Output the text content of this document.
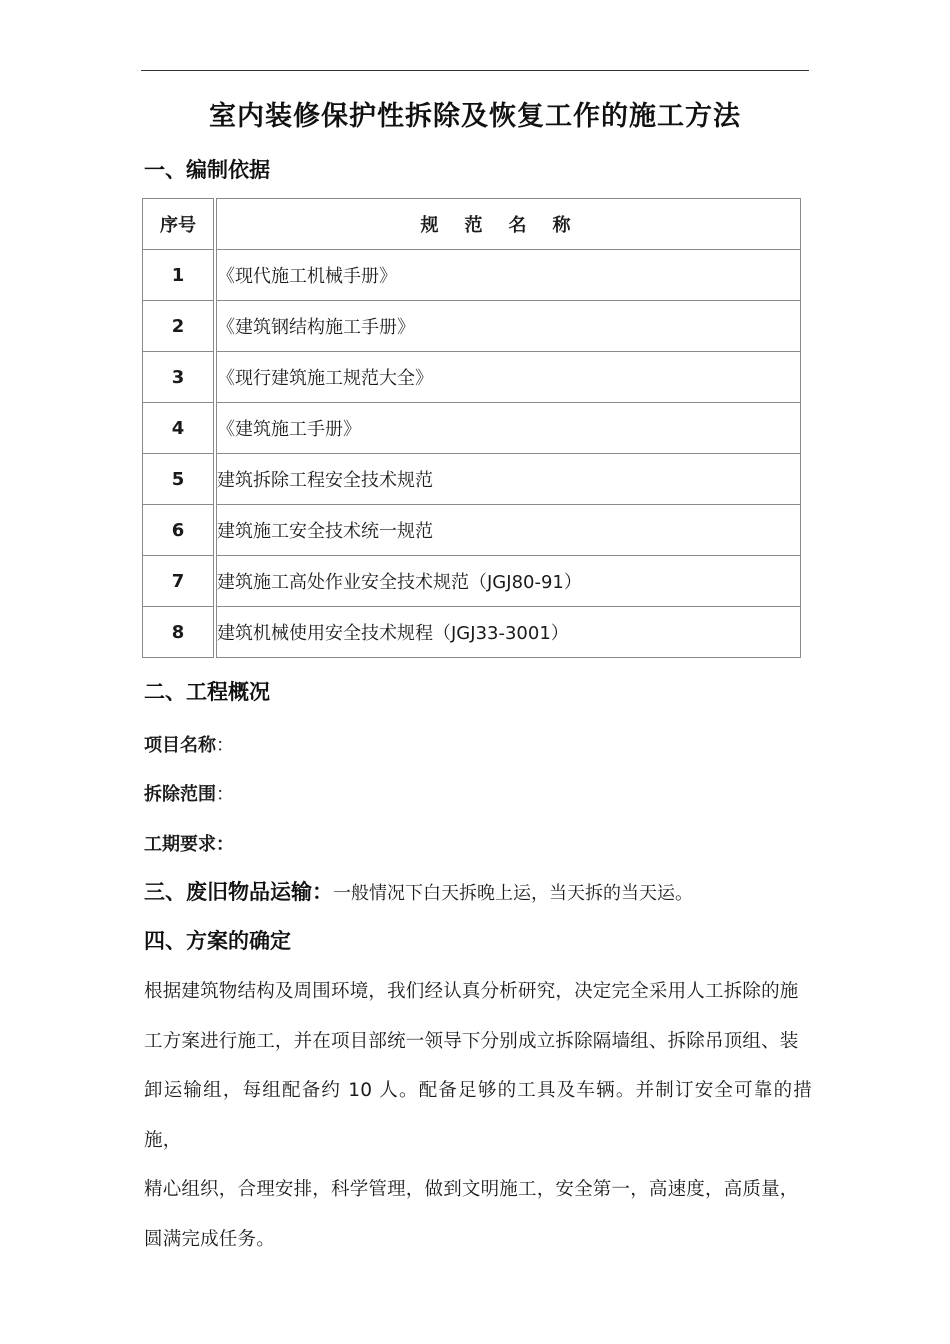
室内装修保护性拆除及恢复工作的施工方法
一、编制依据
序号	规范名称
1	《现代施工机械手册》
2	《建筑钢结构施工手册》
3	《现行建筑施工规范大全》
4	《建筑施工手册》
5	建筑拆除工程安全技术规范
6	建筑施工安全技术统一规范
7	建筑施工高处作业安全技术规范（JGJ80-91）
8	建筑机械使用安全技术规程（JGJ33-3001）
二、工程概况
项目名称：
拆除范围：
工期要求：
三、废旧物品运输：一般情况下白天拆晚上运，当天拆的当天运。
四、方案的确定
根据建筑物结构及周围环境，我们经认真分析研究，决定完全采用人工拆除的施
工方案进行施工，并在项目部统一领导下分别成立拆除隔墙组、拆除吊顶组、装
卸运输组，每组配备约 10 人。配备足够的工具及车辆。并制订安全可靠的措施，
精心组织，合理安排，科学管理，做到文明施工，安全第一，高速度，高质量，
圆满完成任务。
